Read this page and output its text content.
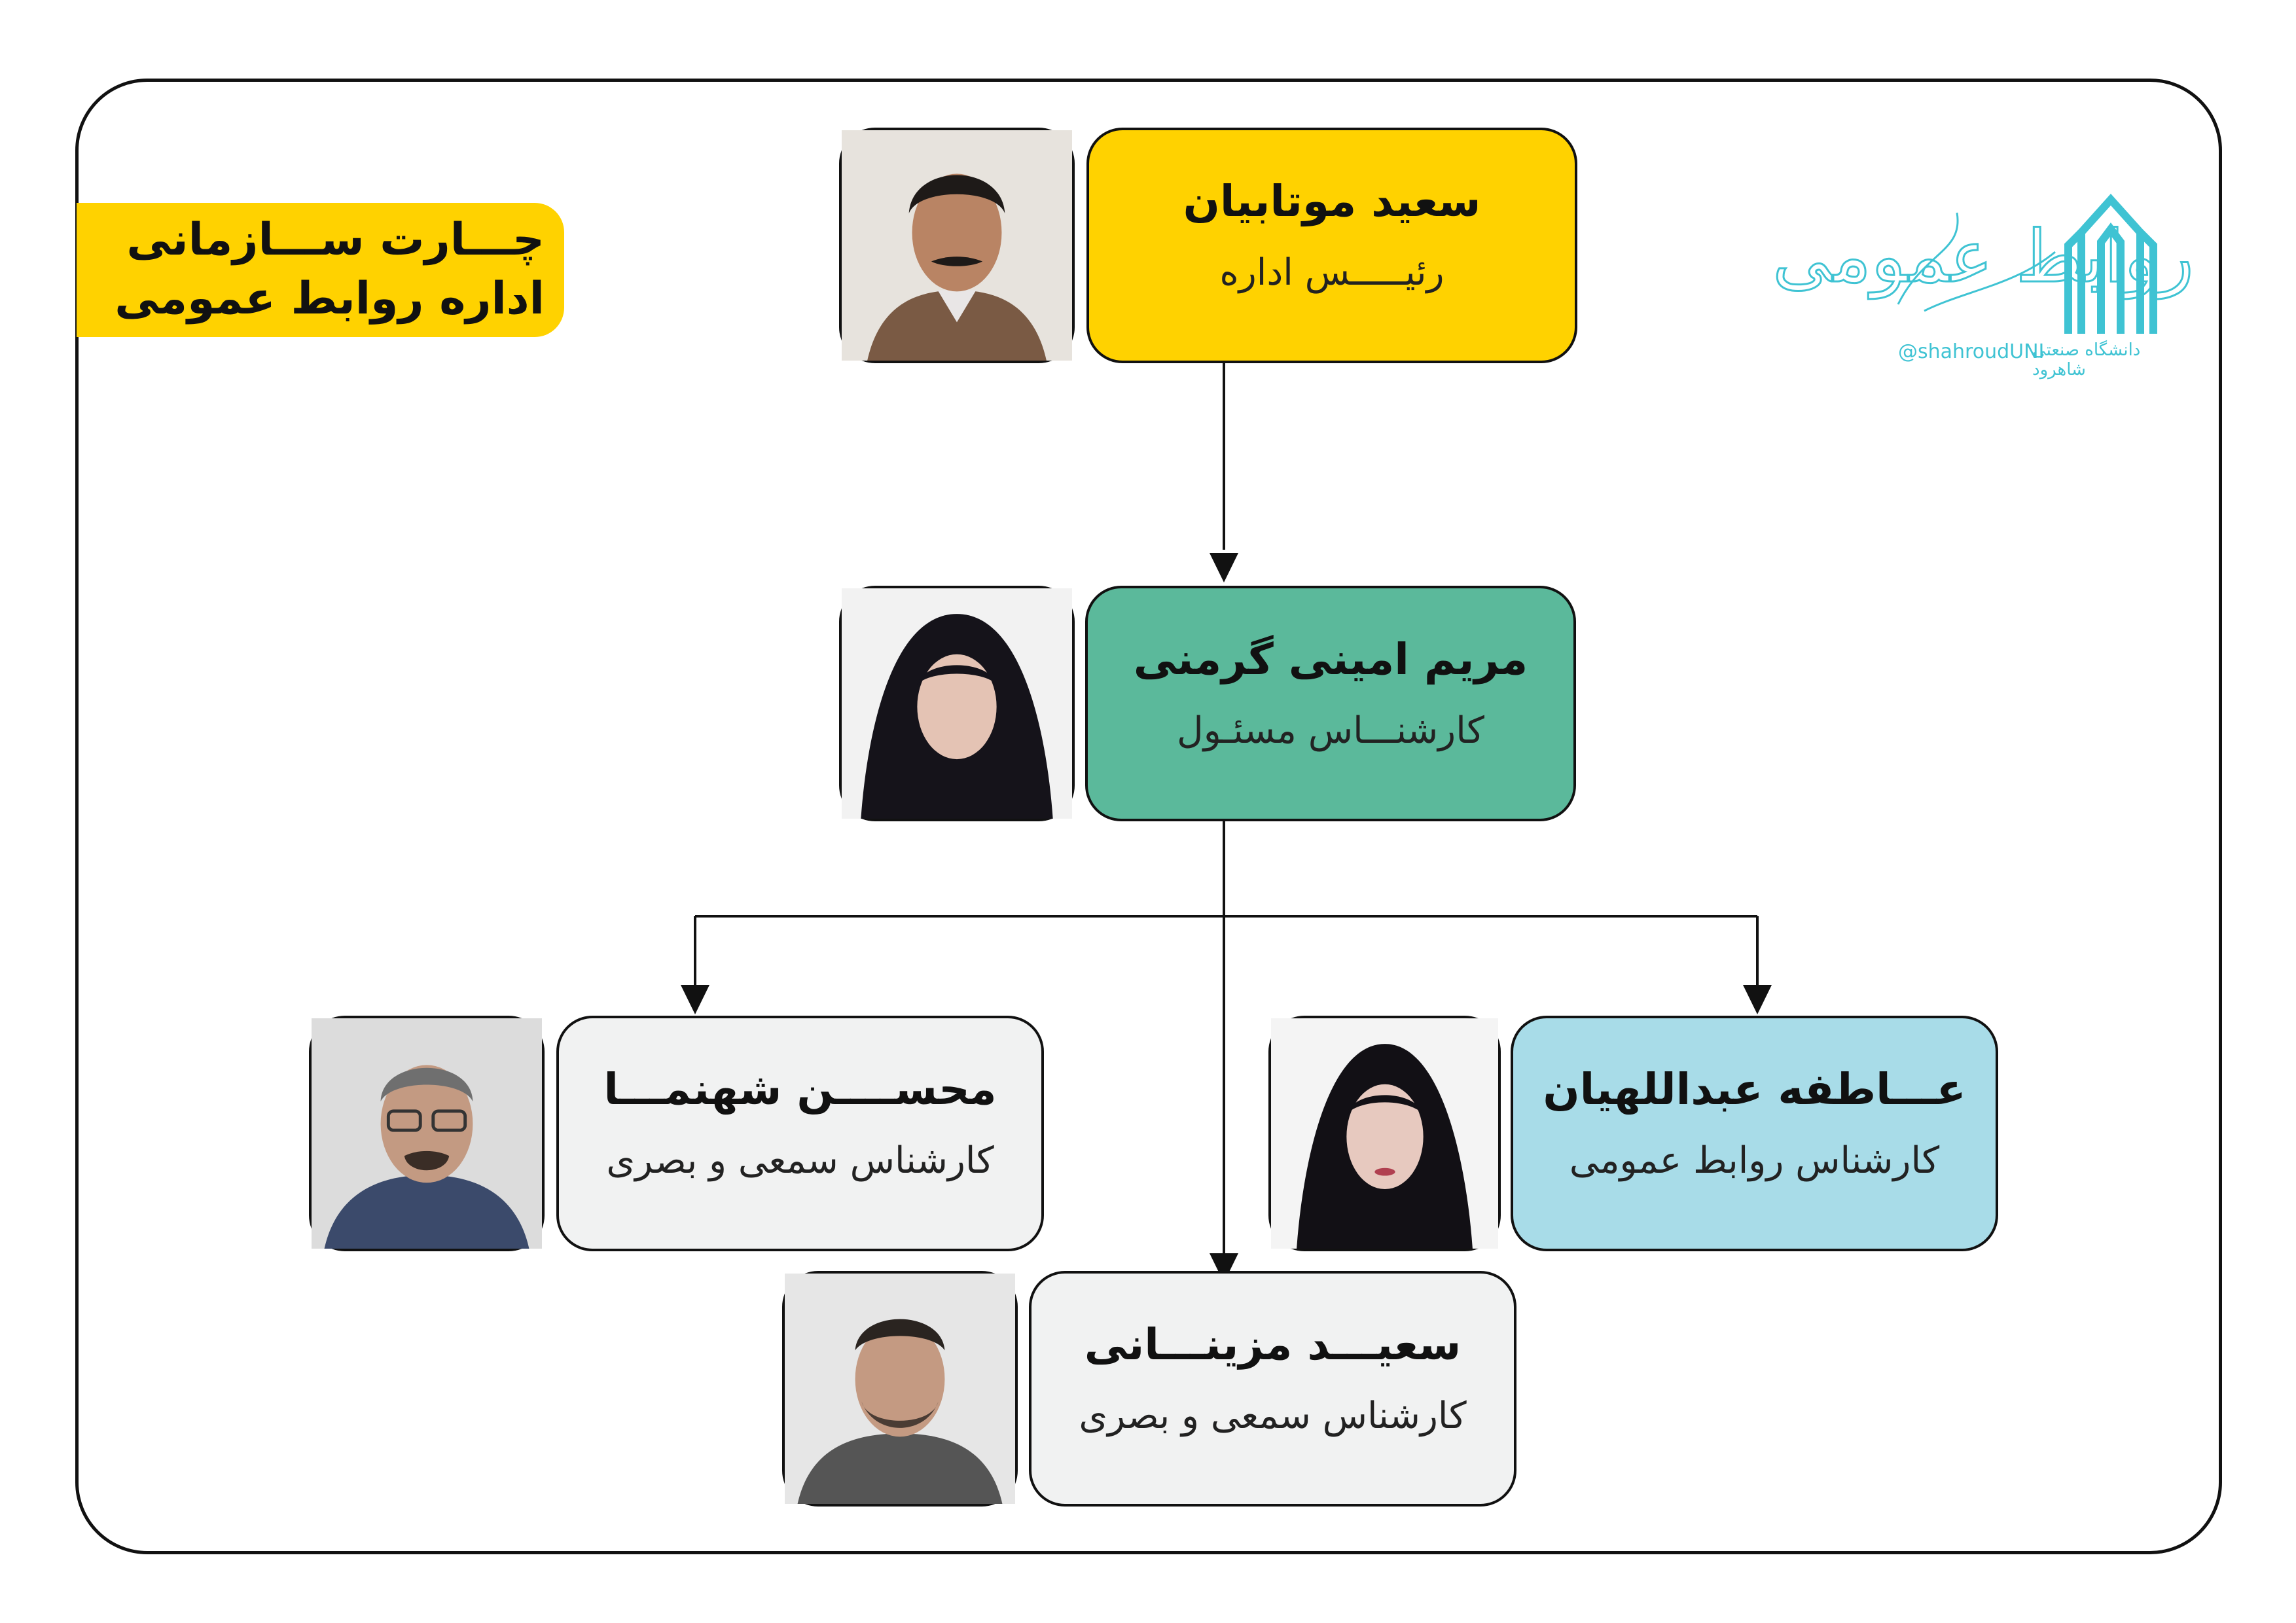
چـــارت ســـازمانی
اداره روابط عمومی
روابط عمومی
@shahroudUNI
دانشگاه صنعتی شاهرود
سعید موتابیان
رئیـــــس اداره
مریم امینی گرمنی
کارشنـــاس مسئـول
محســــن شهنمـــا
کارشناس سمعی و بصری
عـــاطفه عبداللهیان
کارشناس روابط عمومی
سعیـــد مزینـــانی
کارشناس سمعی و بصری
